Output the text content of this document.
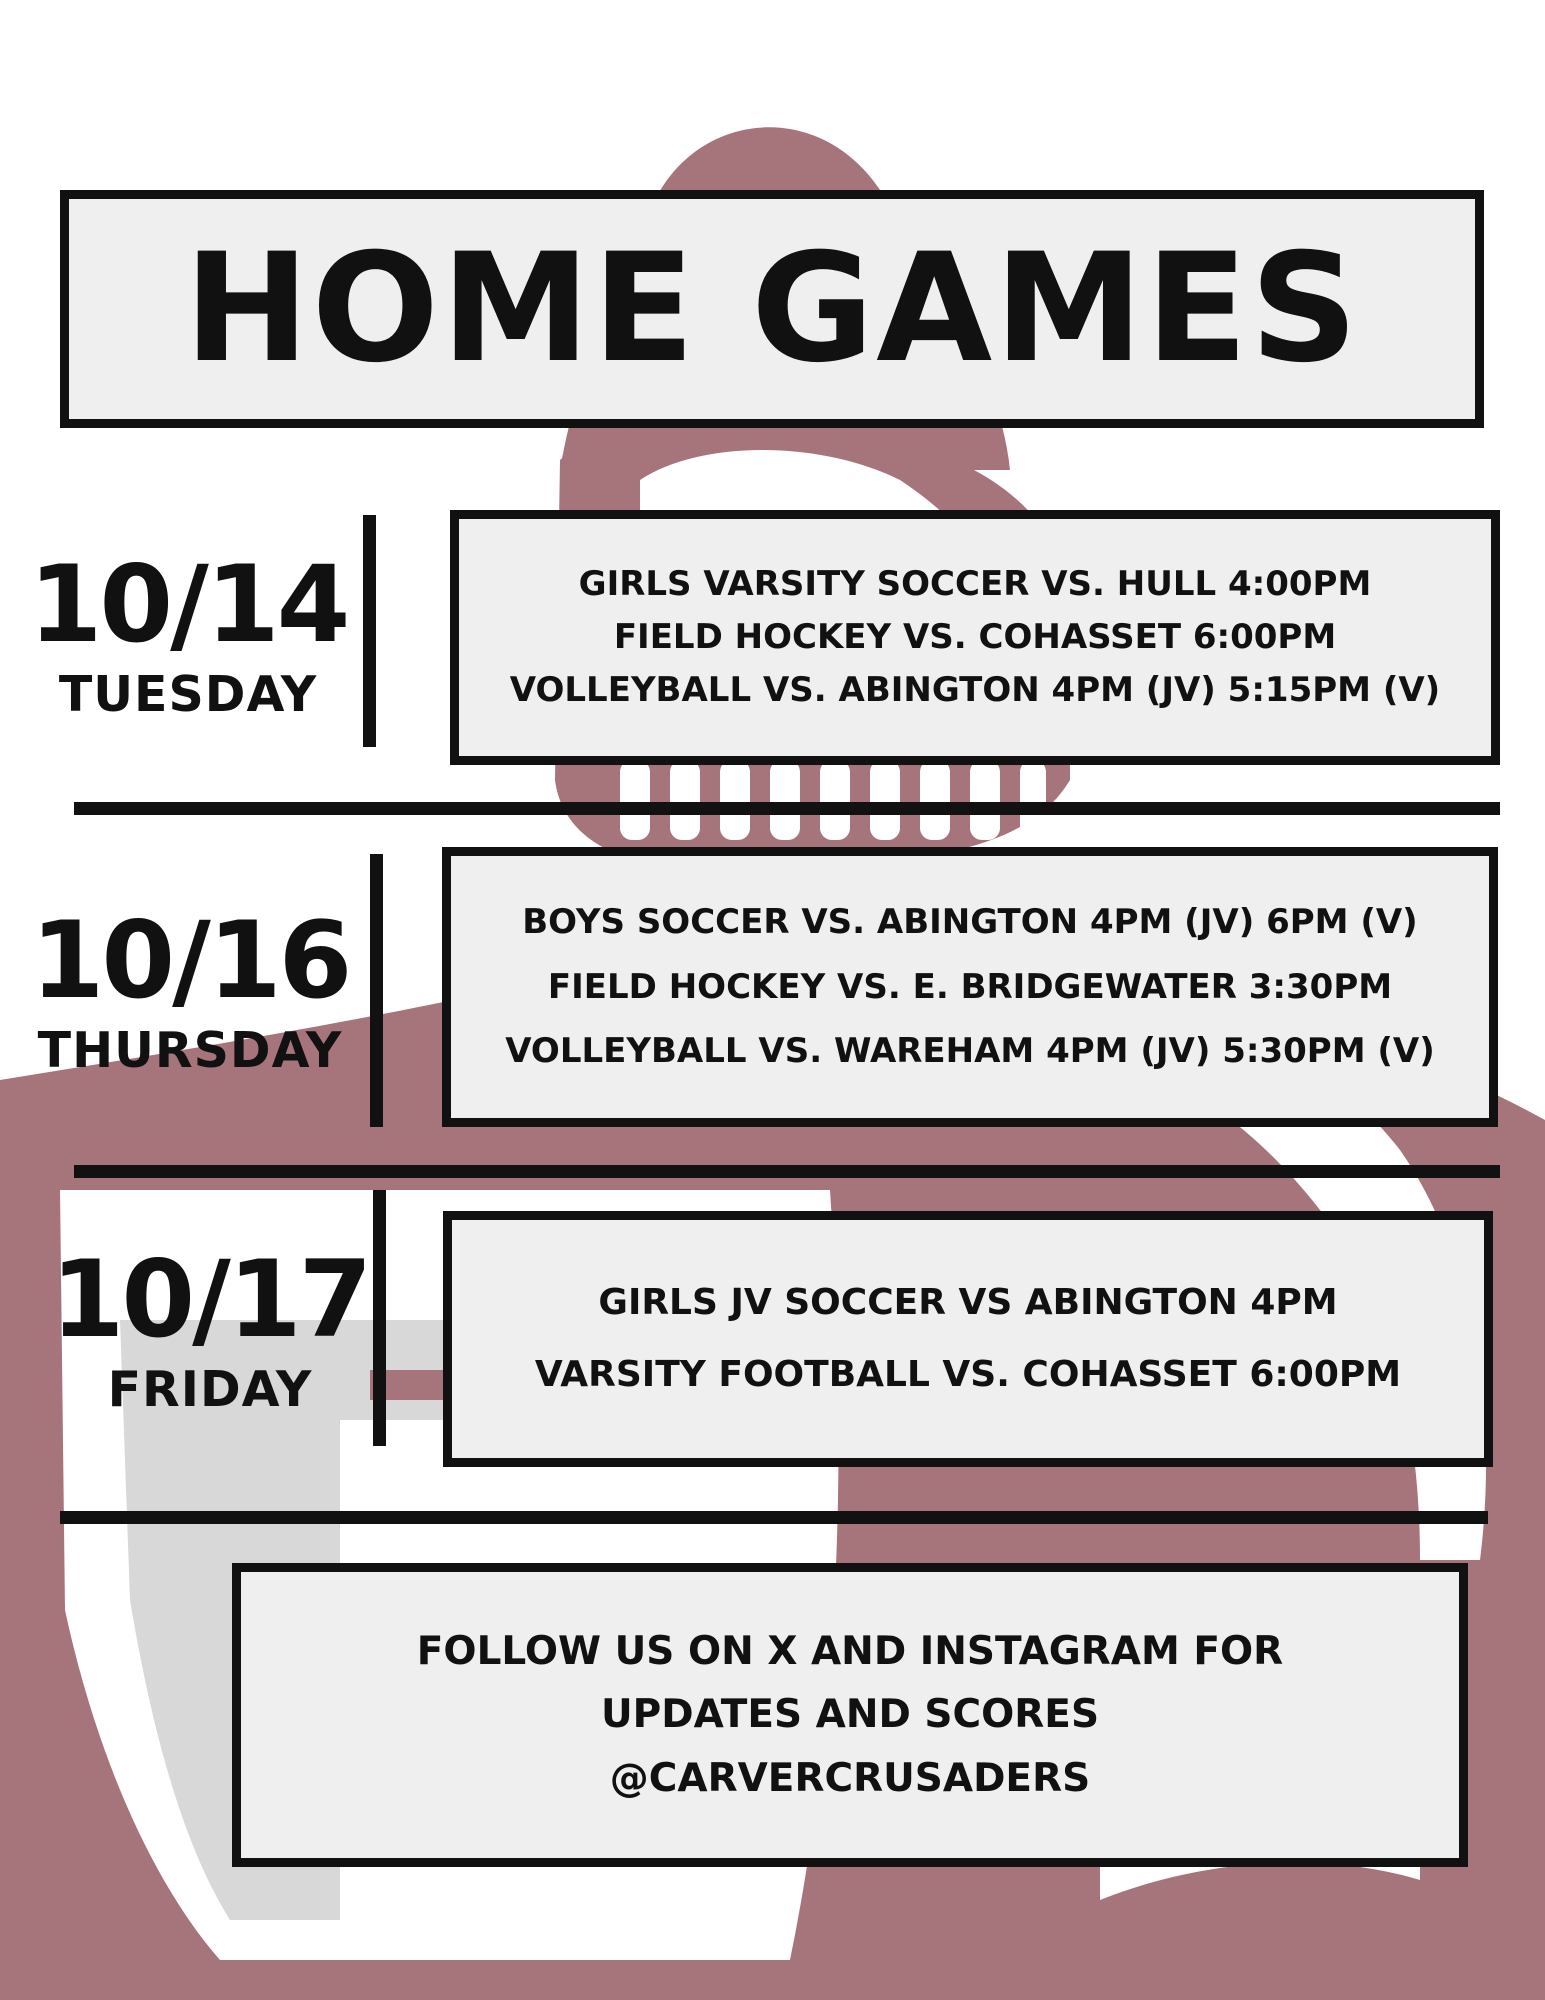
HOME GAMES
10/14
TUESDAY
GIRLS VARSITY SOCCER VS. HULL 4:00PM
FIELD HOCKEY VS. COHASSET 6:00PM
VOLLEYBALL VS. ABINGTON 4PM (JV) 5:15PM (V)
10/16
THURSDAY
BOYS SOCCER VS. ABINGTON 4PM (JV) 6PM (V)
FIELD HOCKEY VS. E. BRIDGEWATER 3:30PM
VOLLEYBALL VS. WAREHAM 4PM (JV) 5:30PM (V)
10/17
FRIDAY
GIRLS JV SOCCER VS ABINGTON 4PM
VARSITY FOOTBALL VS. COHASSET 6:00PM
FOLLOW US ON X AND INSTAGRAM FOR
UPDATES AND SCORES
@CARVERCRUSADERS
